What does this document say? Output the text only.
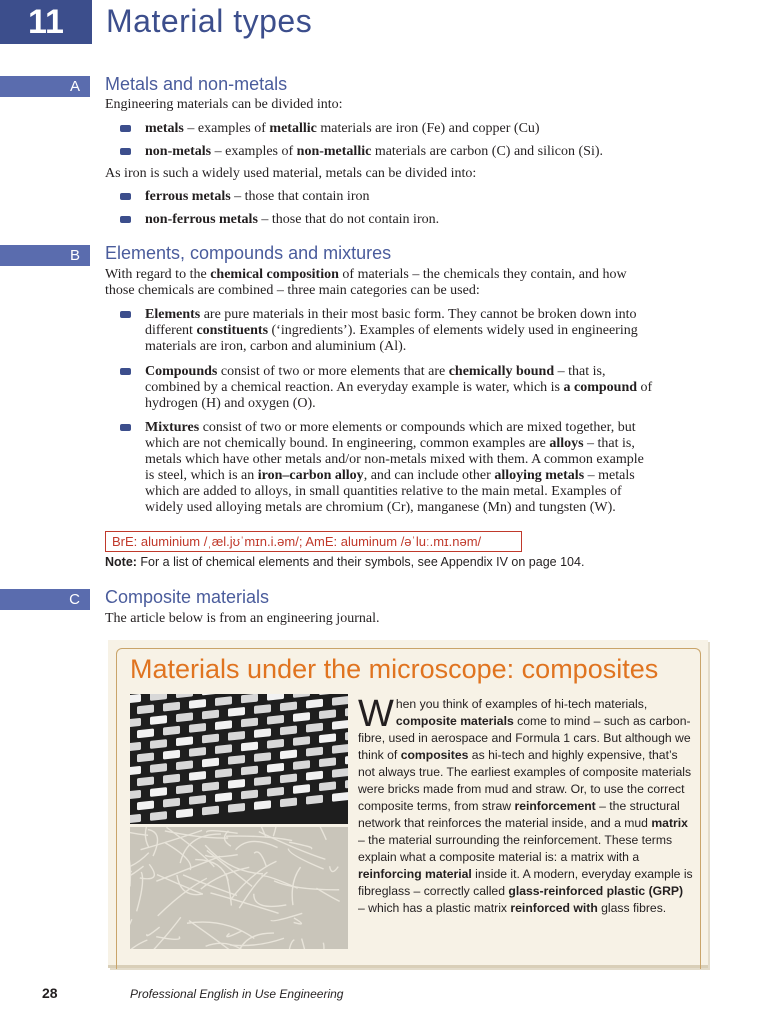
11	Material types
A	Metals and non-metals
Engineering materials can be divided into:
metals – examples of metallic materials are iron (Fe) and copper (Cu)
non-metals – examples of non-metallic materials are carbon (C) and silicon (Si).
As iron is such a widely used material, metals can be divided into:
ferrous metals – those that contain iron
non-ferrous metals – those that do not contain iron.
B	Elements, compounds and mixtures
With regard to the chemical composition of materials – the chemicals they contain, and how
those chemicals are combined – three main categories can be used:
Elements are pure materials in their most basic form. They cannot be broken down into
different constituents (‘ingredients’). Examples of elements widely used in engineering
materials are iron, carbon and aluminium (Al).
Compounds consist of two or more elements that are chemically bound – that is,
combined by a chemical reaction. An everyday example is water, which is a compound of
hydrogen (H) and oxygen (O).
Mixtures consist of two or more elements or compounds which are mixed together, but
which are not chemically bound. In engineering, common examples are alloys – that is,
metals which have other metals and/or non-metals mixed with them. A common example
is steel, which is an iron–carbon alloy, and can include other alloying metals – metals
which are added to alloys, in small quantities relative to the main metal. Examples of
widely used alloying metals are chromium (Cr), manganese (Mn) and tungsten (W).
BrE: aluminium /ˌæl.jʊˈmɪn.i.əm/; AmE: aluminum /əˈluː.mɪ.nəm/
Note: For a list of chemical elements and their symbols, see Appendix IV on page 104.
C	Composite materials
The article below is from an engineering journal.
Materials under the microscope: composites
W hen you think of examples of hi-tech materials, composite materials come to mind – such as carbon-fibre, used in aerospace and Formula 1 cars. But although we think of composites as hi-tech and highly expensive, that’s not always true. The earliest examples of composite materials were bricks made from mud and straw. Or, to use the correct composite terms, from straw reinforcement – the structural network that reinforces the material inside, and a mud matrix – the material surrounding the reinforcement. These terms explain what a composite material is: a matrix with a reinforcing material inside it. A modern, everyday example is fibreglass – correctly called glass-reinforced plastic (GRP) – which has a plastic matrix reinforced with glass fibres.
28	Professional English in Use Engineering
